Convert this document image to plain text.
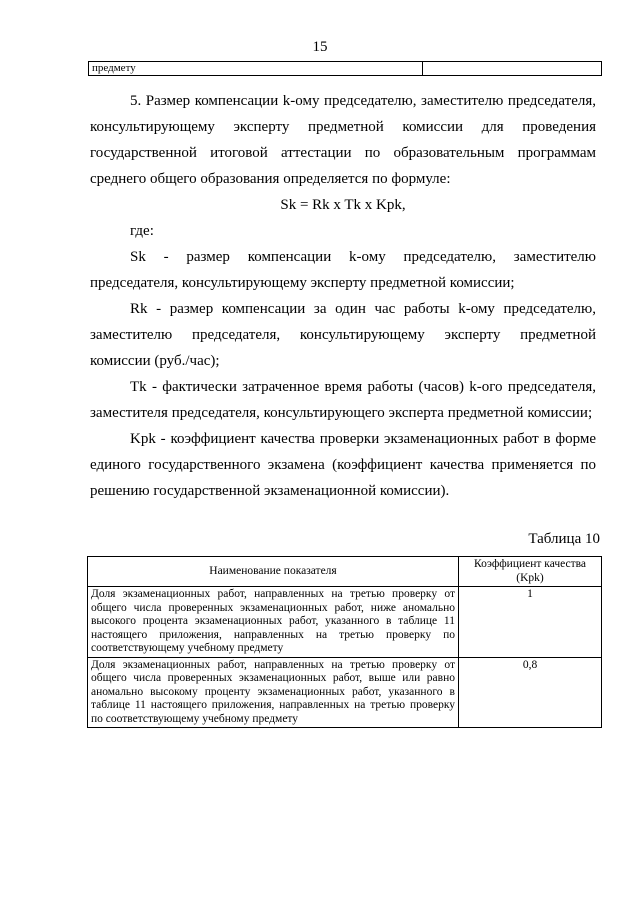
15
предмету

5. Размер компенсации k-ому председателю, заместителю председателя, консультирующему эксперту предметной комиссии для проведения государственной итоговой аттестации по образовательным программам среднего общего образования определяется по формуле:

Sk = Rk x Tk x Kpk,

где:

Sk - размер компенсации k-ому председателю, заместителю председателя, консультирующему эксперту предметной комиссии;

Rk - размер компенсации за один час работы k-ому председателю, заместителю председателя, консультирующему эксперту предметной комиссии (руб./час);

Tk - фактически затраченное время работы (часов) k-ого председателя, заместителя председателя, консультирующего эксперта предметной комиссии;

Kpk - коэффициент качества проверки экзаменационных работ в форме единого государственного экзамена (коэффициент качества применяется по решению государственной экзаменационной комиссии).

Таблица 10
Наименование показателя	Коэффициент качества (Kpk)
Доля экзаменационных работ, направленных на третью проверку от общего числа проверенных экзаменационных работ, ниже аномально высокого процента экзаменационных работ, указанного в таблице 11 настоящего приложения, направленных на третью проверку по соответствующему учебному предмету	1
Доля экзаменационных работ, направленных на третью проверку от общего числа проверенных экзаменационных работ, выше или равно аномально высокому проценту экзаменационных работ, указанного в таблице 11 настоящего приложения, направленных на третью проверку по соответствующему учебному предмету	0,8
